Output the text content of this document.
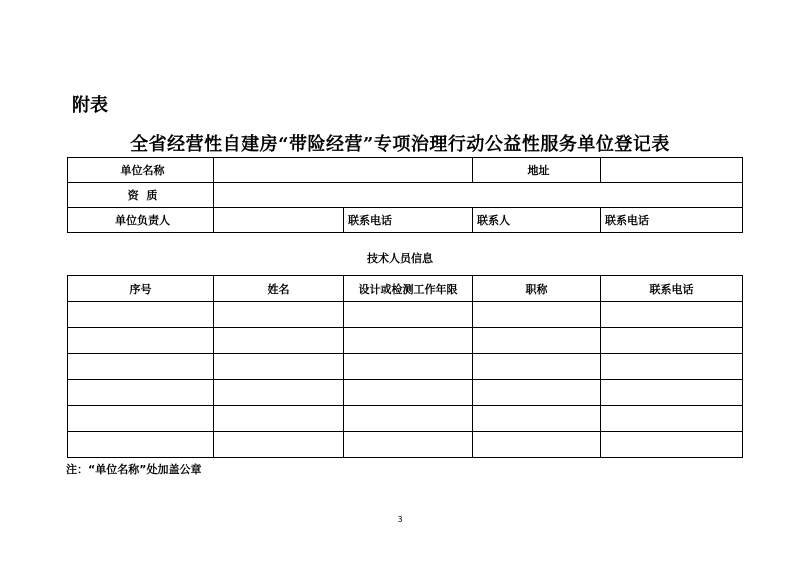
附表
全省经营性自建房“带险经营”专项治理行动公益性服务单位登记表
单位名称			地址	
资  质				
单位负责人		联系电话	联系人	联系电话
技术人员信息
序号	姓名	设计或检测工作年限	职称	联系电话

注：“单位名称”处加盖公章
3
